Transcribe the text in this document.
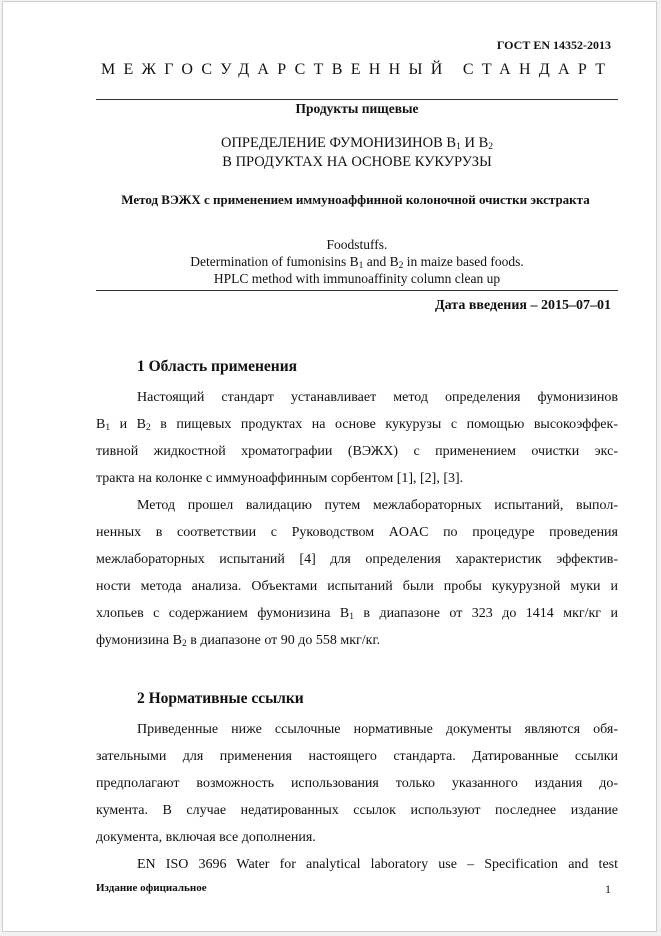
ГОСТ EN 14352-2013
МЕЖГОСУДАРСТВЕННЫЙ СТАНДАРТ
Продукты пищевые
ОПРЕДЕЛЕНИЕ ФУМОНИЗИНОВ $B_1$ И $B_2$
В ПРОДУКТАХ НА ОСНОВЕ КУКУРУЗЫ
Метод ВЭЖХ с применением иммуноаффинной колоночной очистки экстракта
Foodstuffs.
Determination of fumonisins $B_1$ and $B_2$ in maize based foods.
HPLC method with immunoaffinity column clean up
Дата введения – 2015–07–01
1 Область применения
Настоящий стандарт устанавливает метод определения фумонизинов
$B_1$ и $B_2$ в пищевых продуктах на основе кукурузы с помощью высокоэффек-
тивной жидкостной хроматографии (ВЭЖХ) с применением очистки экс-
тракта на колонке с иммуноаффинным сорбентом [1], [2], [3].
Метод прошел валидацию путем межлабораторных испытаний, выпол-
ненных в соответствии с Руководством AOAC по процедуре проведения
межлабораторных испытаний [4] для определения характеристик эффектив-
ности метода анализа. Объектами испытаний были пробы кукурузной муки и
хлопьев с содержанием фумонизина $B_1$ в диапазоне от 323 до 1414 мкг/кг и
фумонизина $B_2$ в диапазоне от 90 до 558 мкг/кг.
2 Нормативные ссылки
Приведенные ниже ссылочные нормативные документы являются обя-
зательными для применения настоящего стандарта. Датированные ссылки
предполагают возможность использования только указанного издания до-
кумента. В случае недатированных ссылок используют последнее издание
документа, включая все дополнения.
EN ISO 3696 Water for analytical laboratory use – Specification and test
Издание официальное	1
